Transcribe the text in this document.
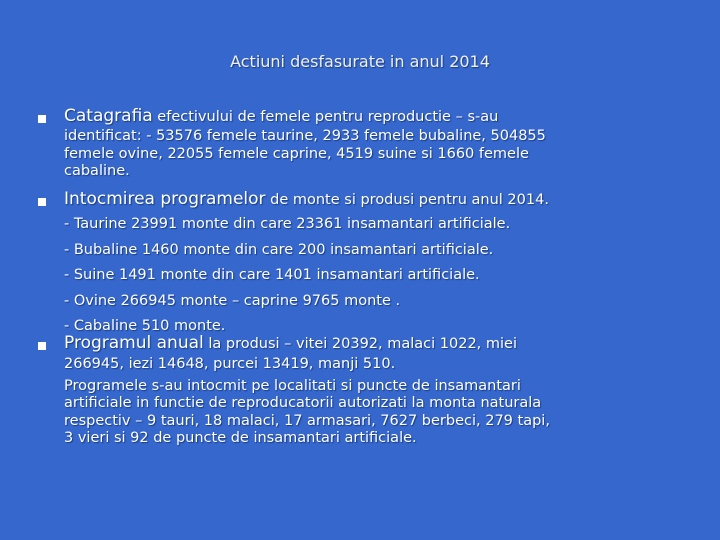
Actiuni desfasurate in anul 2014
Catagrafia efectivului de femele pentru reproductie – s-au
identificat: - 53576 femele taurine, 2933 femele bubaline, 504855
femele ovine, 22055 femele caprine, 4519 suine si 1660 femele
cabaline.
Intocmirea programelor de monte si produsi pentru anul 2014.
- Taurine 23991 monte din care 23361 insamantari artificiale.
- Bubaline 1460 monte din care 200 insamantari artificiale.
- Suine 1491 monte din care 1401 insamantari artificiale.
- Ovine 266945 monte – caprine 9765 monte .
- Cabaline 510 monte.
Programul anual la produsi – vitei 20392, malaci 1022, miei
266945, iezi 14648, purcei 13419, manji 510.
Programele s-au intocmit pe localitati si puncte de insamantari
artificiale in functie de reproducatorii autorizati la monta naturala
respectiv – 9 tauri, 18 malaci, 17 armasari, 7627 berbeci, 279 tapi,
3 vieri si 92 de puncte de insamantari artificiale.
